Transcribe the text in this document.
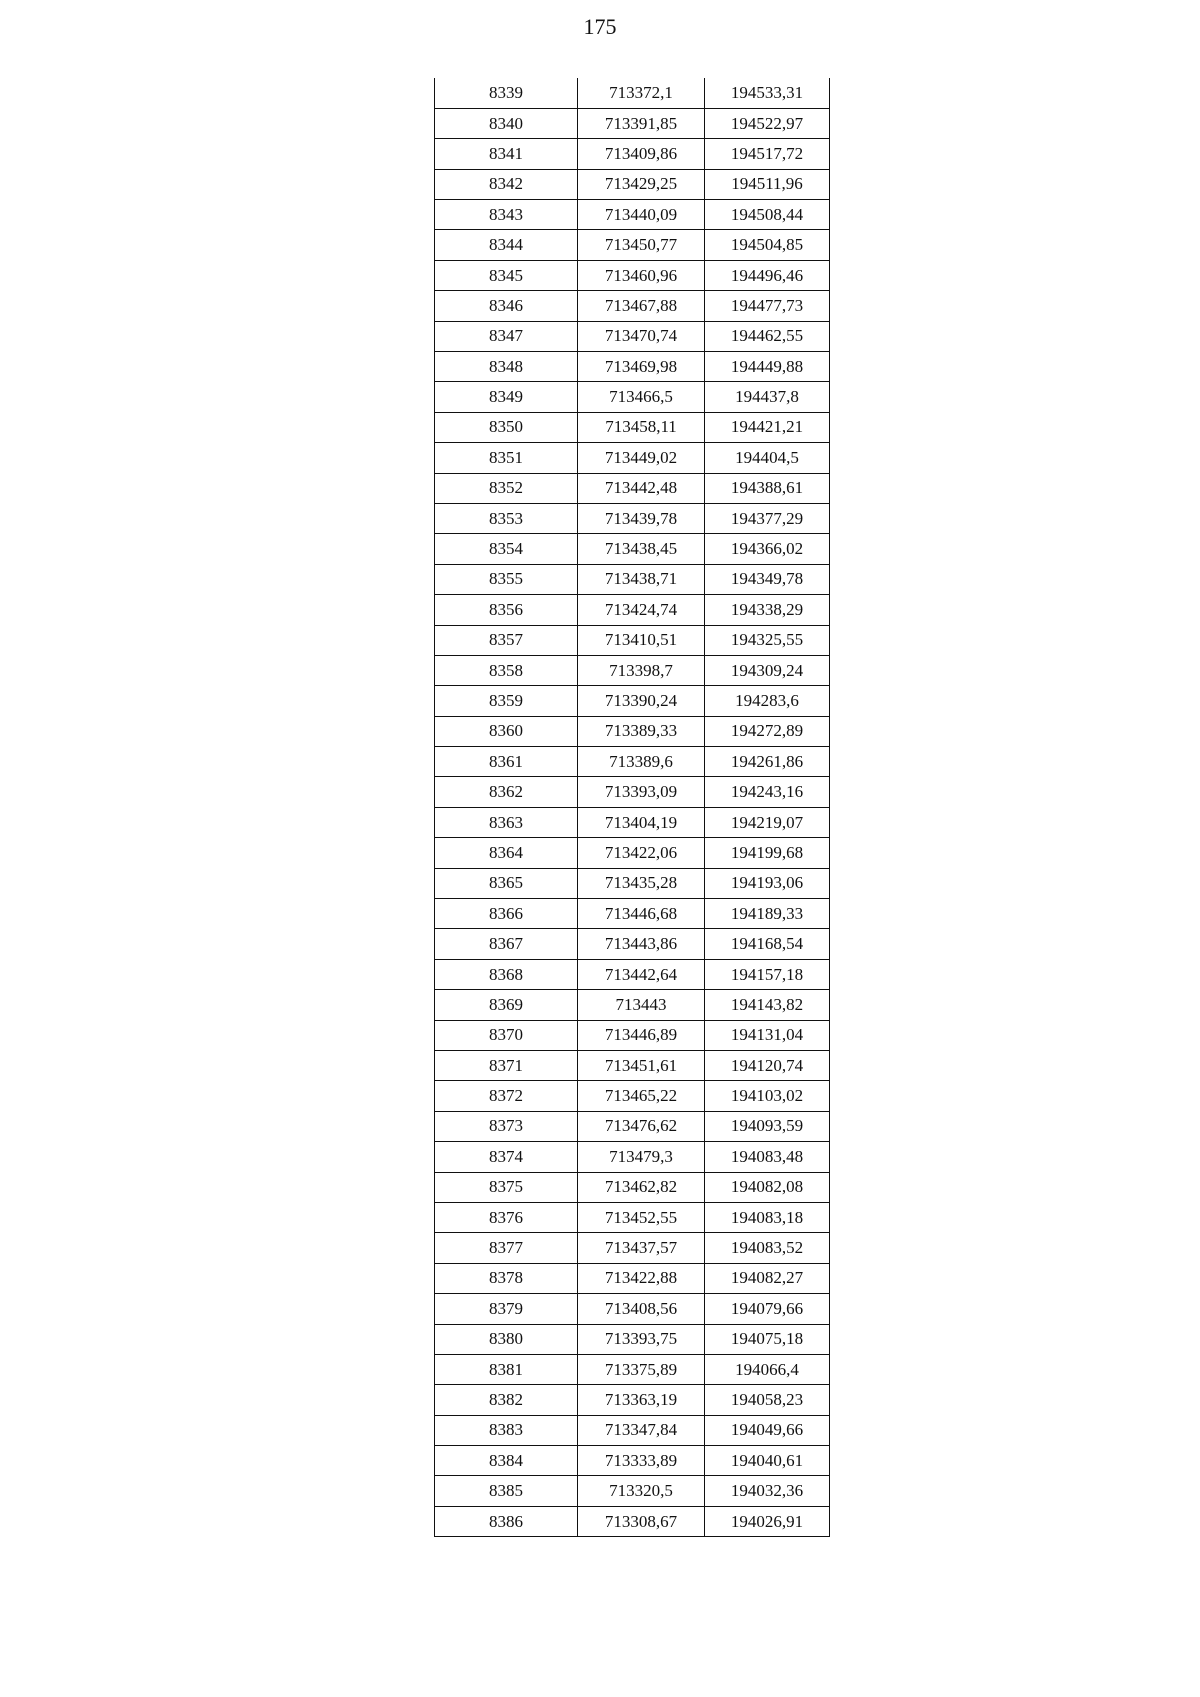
175
8339	713372,1	194533,31
8340	713391,85	194522,97
8341	713409,86	194517,72
8342	713429,25	194511,96
8343	713440,09	194508,44
8344	713450,77	194504,85
8345	713460,96	194496,46
8346	713467,88	194477,73
8347	713470,74	194462,55
8348	713469,98	194449,88
8349	713466,5	194437,8
8350	713458,11	194421,21
8351	713449,02	194404,5
8352	713442,48	194388,61
8353	713439,78	194377,29
8354	713438,45	194366,02
8355	713438,71	194349,78
8356	713424,74	194338,29
8357	713410,51	194325,55
8358	713398,7	194309,24
8359	713390,24	194283,6
8360	713389,33	194272,89
8361	713389,6	194261,86
8362	713393,09	194243,16
8363	713404,19	194219,07
8364	713422,06	194199,68
8365	713435,28	194193,06
8366	713446,68	194189,33
8367	713443,86	194168,54
8368	713442,64	194157,18
8369	713443	194143,82
8370	713446,89	194131,04
8371	713451,61	194120,74
8372	713465,22	194103,02
8373	713476,62	194093,59
8374	713479,3	194083,48
8375	713462,82	194082,08
8376	713452,55	194083,18
8377	713437,57	194083,52
8378	713422,88	194082,27
8379	713408,56	194079,66
8380	713393,75	194075,18
8381	713375,89	194066,4
8382	713363,19	194058,23
8383	713347,84	194049,66
8384	713333,89	194040,61
8385	713320,5	194032,36
8386	713308,67	194026,91
